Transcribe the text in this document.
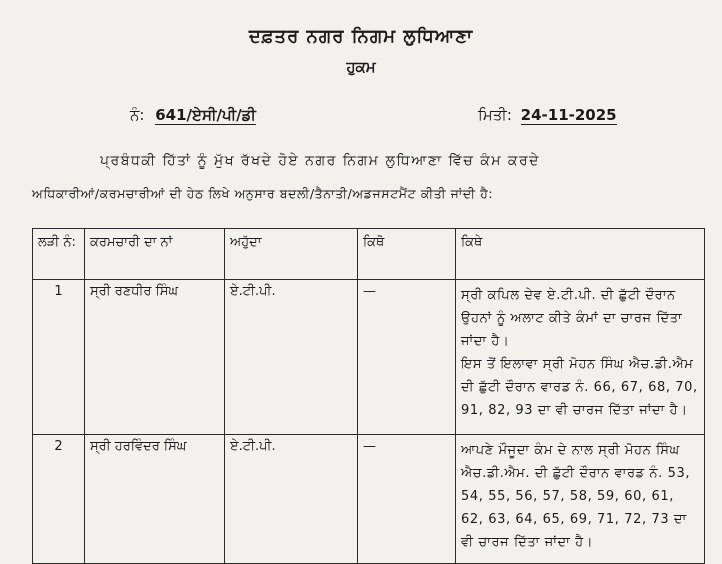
ਦਫ਼ਤਰ ਨਗਰ ਨਿਗਮ ਲੁਧਿਆਣਾ
ਹੁਕਮ
ਨੰ: 641/ਏਸੀ/ਪੀ/ਡੀ	ਮਿਤੀ: 24-11-2025
ਪ੍ਰਬੰਧਕੀ ਹਿੱਤਾਂ ਨੂੰ ਮੁੱਖ ਰੱਖਦੇ ਹੋਏ ਨਗਰ ਨਿਗਮ ਲੁਧਿਆਣਾ ਵਿੱਚ ਕੰਮ ਕਰਦੇ
ਅਧਿਕਾਰੀਆਂ/ਕਰਮਚਾਰੀਆਂ ਦੀ ਹੇਠ ਲਿਖੇ ਅਨੁਸਾਰ ਬਦਲੀ/ਤੈਨਾਤੀ/ਅਡਜਸਟਮੈਂਟ ਕੀਤੀ ਜਾਂਦੀ ਹੈ:
ਲੜੀ ਨੰ:	ਕਰਮਚਾਰੀ ਦਾ ਨਾਂ	ਅਹੁੱਦਾ	ਕਿਥੋ	ਕਿਥੇ
1	ਸ੍ਰੀ ਰਣਧੀਰ ਸਿੰਘ	ਏ.ਟੀ.ਪੀ.	—	ਸ੍ਰੀ ਕਪਿਲ ਦੇਵ ਏ.ਟੀ.ਪੀ. ਦੀ ਛੁੱਟੀ ਦੌਰਾਨ ਉਹਨਾਂ ਨੂੰ ਅਲਾਟ ਕੀਤੇ ਕੰਮਾਂ ਦਾ ਚਾਰਜ ਦਿੱਤਾ ਜਾਂਦਾ ਹੈ।

ਇਸ ਤੋਂ ਇਲਾਵਾ ਸ੍ਰੀ ਮੋਹਨ ਸਿੰਘ ਐਚ.ਡੀ.ਐਮ ਦੀ ਛੁੱਟੀ ਦੌਰਾਨ ਵਾਰਡ ਨੰ. 66, 67, 68, 70, 91, 82, 93 ਦਾ ਵੀ ਚਾਰਜ ਦਿੱਤਾ ਜਾਂਦਾ ਹੈ।

2	ਸ੍ਰੀ ਹਰਵਿੰਦਰ ਸਿੰਘ	ਏ.ਟੀ.ਪੀ.	—	ਆਪਣੇ ਮੌਜੂਦਾ ਕੰਮ ਦੇ ਨਾਲ ਸ੍ਰੀ ਮੋਹਨ ਸਿੰਘ ਐਚ.ਡੀ.ਐਮ. ਦੀ ਛੁੱਟੀ ਦੌਰਾਨ ਵਾਰਡ ਨੰ. 53, 54, 55, 56, 57, 58, 59, 60, 61, 62, 63, 64, 65, 69, 71, 72, 73 ਦਾ ਵੀ ਚਾਰਜ ਦਿੱਤਾ ਜਾਂਦਾ ਹੈ।
